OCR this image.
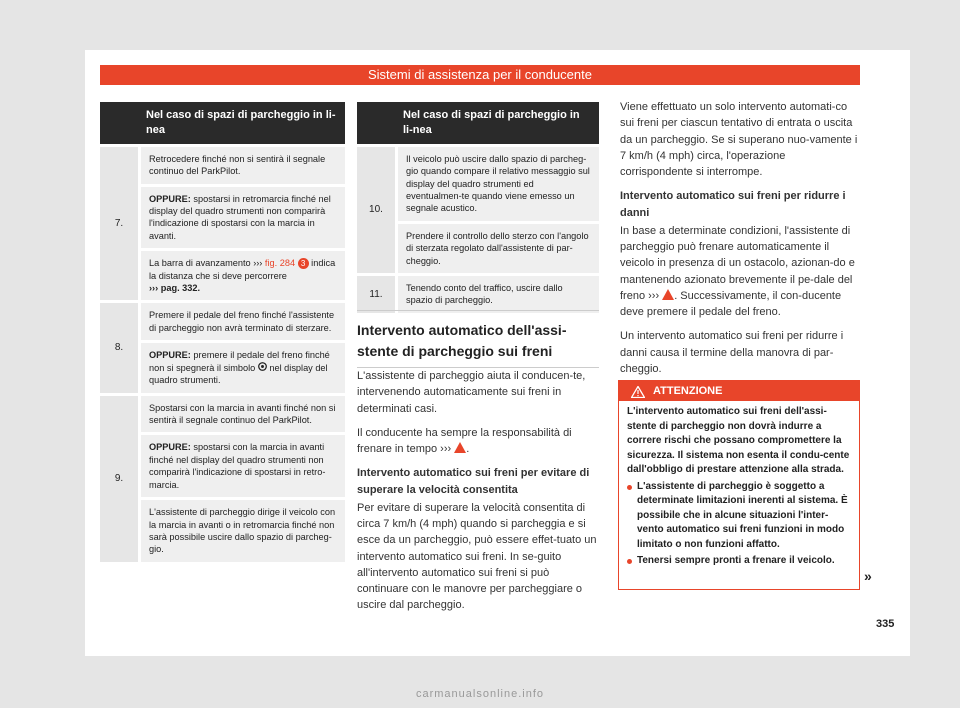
Sistemi di assistenza per il conducente
	Nel caso di spazi di parcheggio in li-nea
7.	Retrocedere finché non si sentirà il segnale continuo del ParkPilot.
	OPPURE: spostarsi in retromarcia finché nel display del quadro strumenti non comparirà l'indicazione di spostarsi con la marcia in avanti.
	La barra di avanzamento ››› fig. 284 3 indica la distanza che si deve percorrere
››› pag. 332.
8.	Premere il pedale del freno finché l'assistente di parcheggio non avrà terminato di sterzare.
	OPPURE: premere il pedale del freno finché non si spegnerà il simbolo nel display del quadro strumenti.
9.	Spostarsi con la marcia in avanti finché non si sentirà il segnale continuo del ParkPilot.
	OPPURE: spostarsi con la marcia in avanti finché nel display del quadro strumenti non comparirà l'indicazione di spostarsi in retro-marcia.
	L'assistente di parcheggio dirige il veicolo con la marcia in avanti o in retromarcia finché non sarà possibile uscire dallo spazio di parcheg-gio.
	Nel caso di spazi di parcheggio in li-nea
10.	Il veicolo può uscire dallo spazio di parcheg-gio quando compare il relativo messaggio sul display del quadro strumenti ed eventualmen-te quando viene emesso un segnale acustico.
	Prendere il controllo dello sterzo con l'angolo di sterzata regolato dall'assistente di par-cheggio.
11.	Tenendo conto del traffico, uscire dallo spazio di parcheggio.
Intervento automatico dell'assi-stente di parcheggio sui freni

L'assistente di parcheggio aiuta il conducen-te, intervenendo automaticamente sui freni in determinati casi.

Il conducente ha sempre la responsabilità di frenare in tempo ››› .

Intervento automatico sui freni per evitare di superare la velocità consentita

Per evitare di superare la velocità consentita di circa 7 km/h (4 mph) quando si parcheggia e si esce da un parcheggio, può essere effet-tuato un intervento automatico sui freni. In se-guito all'intervento automatico sui freni si può continuare con le manovre per parcheggiare o uscire dal parcheggio.

Viene effettuato un solo intervento automati-co sui freni per ciascun tentativo di entrata o uscita da un parcheggio. Se si superano nuo-vamente i 7 km/h (4 mph) circa, l'operazione corrispondente si interrompe.

Intervento automatico sui freni per ridurre i danni

In base a determinate condizioni, l'assistente di parcheggio può frenare automaticamente il veicolo in presenza di un ostacolo, azionan-do e mantenendo azionato brevemente il pe-dale del freno ››› . Successivamente, il con-ducente deve premere il pedale del freno.

Un intervento automatico sui freni per ridurre i danni causa il termine della manovra di par-cheggio.

ATTENZIONE

L'intervento automatico sui freni dell'assi-stente di parcheggio non dovrà indurre a correre rischi che possano compromettere la sicurezza. Il sistema non esenta il condu-cente dall'obbligo di prestare attenzione alla strada.

L'assistente di parcheggio è soggetto a determinate limitazioni inerenti al sistema. È possibile che in alcune situazioni l'inter-vento automatico sui freni funzioni in modo limitato o non funzioni affatto.

Tenersi sempre pronti a frenare il veicolo.

»
335
carmanualsonline.info
